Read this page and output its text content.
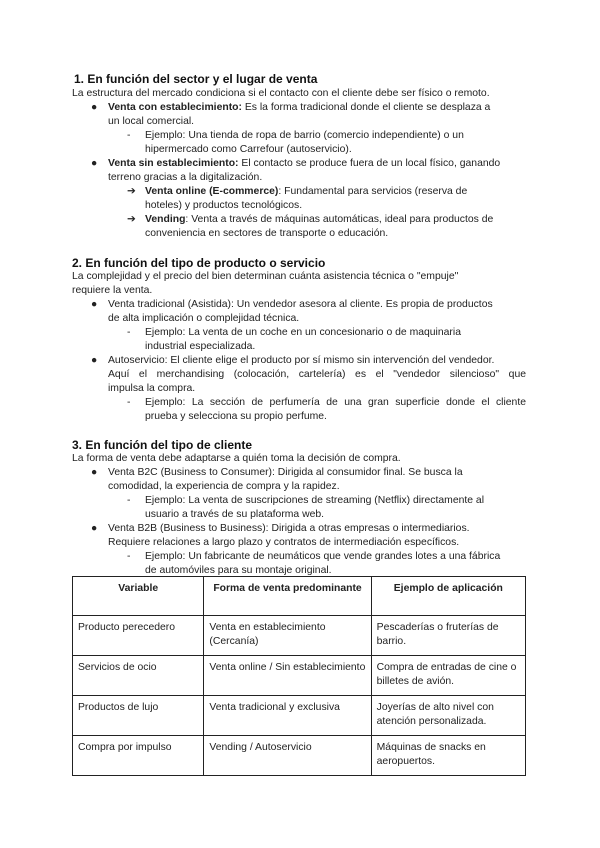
1. En función del sector y el lugar de venta
La estructura del mercado condiciona si el contacto con el cliente debe ser físico o remoto.
● Venta con establecimiento: Es la forma tradicional donde el cliente se desplaza a
un local comercial.
- Ejemplo: Una tienda de ropa de barrio (comercio independiente) o un
hipermercado como Carrefour (autoservicio).
● Venta sin establecimiento: El contacto se produce fuera de un local físico, ganando
terreno gracias a la digitalización.
➔ Venta online (E-commerce): Fundamental para servicios (reserva de
hoteles) y productos tecnológicos.
➔ Vending: Venta a través de máquinas automáticas, ideal para productos de
conveniencia en sectores de transporte o educación.
2. En función del tipo de producto o servicio
La complejidad y el precio del bien determinan cuánta asistencia técnica o "empuje"
requiere la venta.
● Venta tradicional (Asistida): Un vendedor asesora al cliente. Es propia de productos
de alta implicación o complejidad técnica.
- Ejemplo: La venta de un coche en un concesionario o de maquinaria
industrial especializada.
● Autoservicio: El cliente elige el producto por sí mismo sin intervención del vendedor.
Aquí el merchandising (colocación, cartelería) es el "vendedor silencioso" que
impulsa la compra.
- Ejemplo: La sección de perfumería de una gran superficie donde el cliente
prueba y selecciona su propio perfume.
3. En función del tipo de cliente
La forma de venta debe adaptarse a quién toma la decisión de compra.
● Venta B2C (Business to Consumer): Dirigida al consumidor final. Se busca la
comodidad, la experiencia de compra y la rapidez.
- Ejemplo: La venta de suscripciones de streaming (Netflix) directamente al
usuario a través de su plataforma web.
● Venta B2B (Business to Business): Dirigida a otras empresas o intermediarios.
Requiere relaciones a largo plazo y contratos de intermediación específicos.
- Ejemplo: Un fabricante de neumáticos que vende grandes lotes a una fábrica
de automóviles para su montaje original.
Variable	Forma de venta predominante	Ejemplo de aplicación
Producto perecedero	Venta en establecimiento (Cercanía)	Pescaderías o fruterías de barrio.
Servicios de ocio	Venta online / Sin establecimiento	Compra de entradas de cine o billetes de avión.
Productos de lujo	Venta tradicional y exclusiva	Joyerías de alto nivel con atención personalizada.
Compra por impulso	Vending / Autoservicio	Máquinas de snacks en aeropuertos.
